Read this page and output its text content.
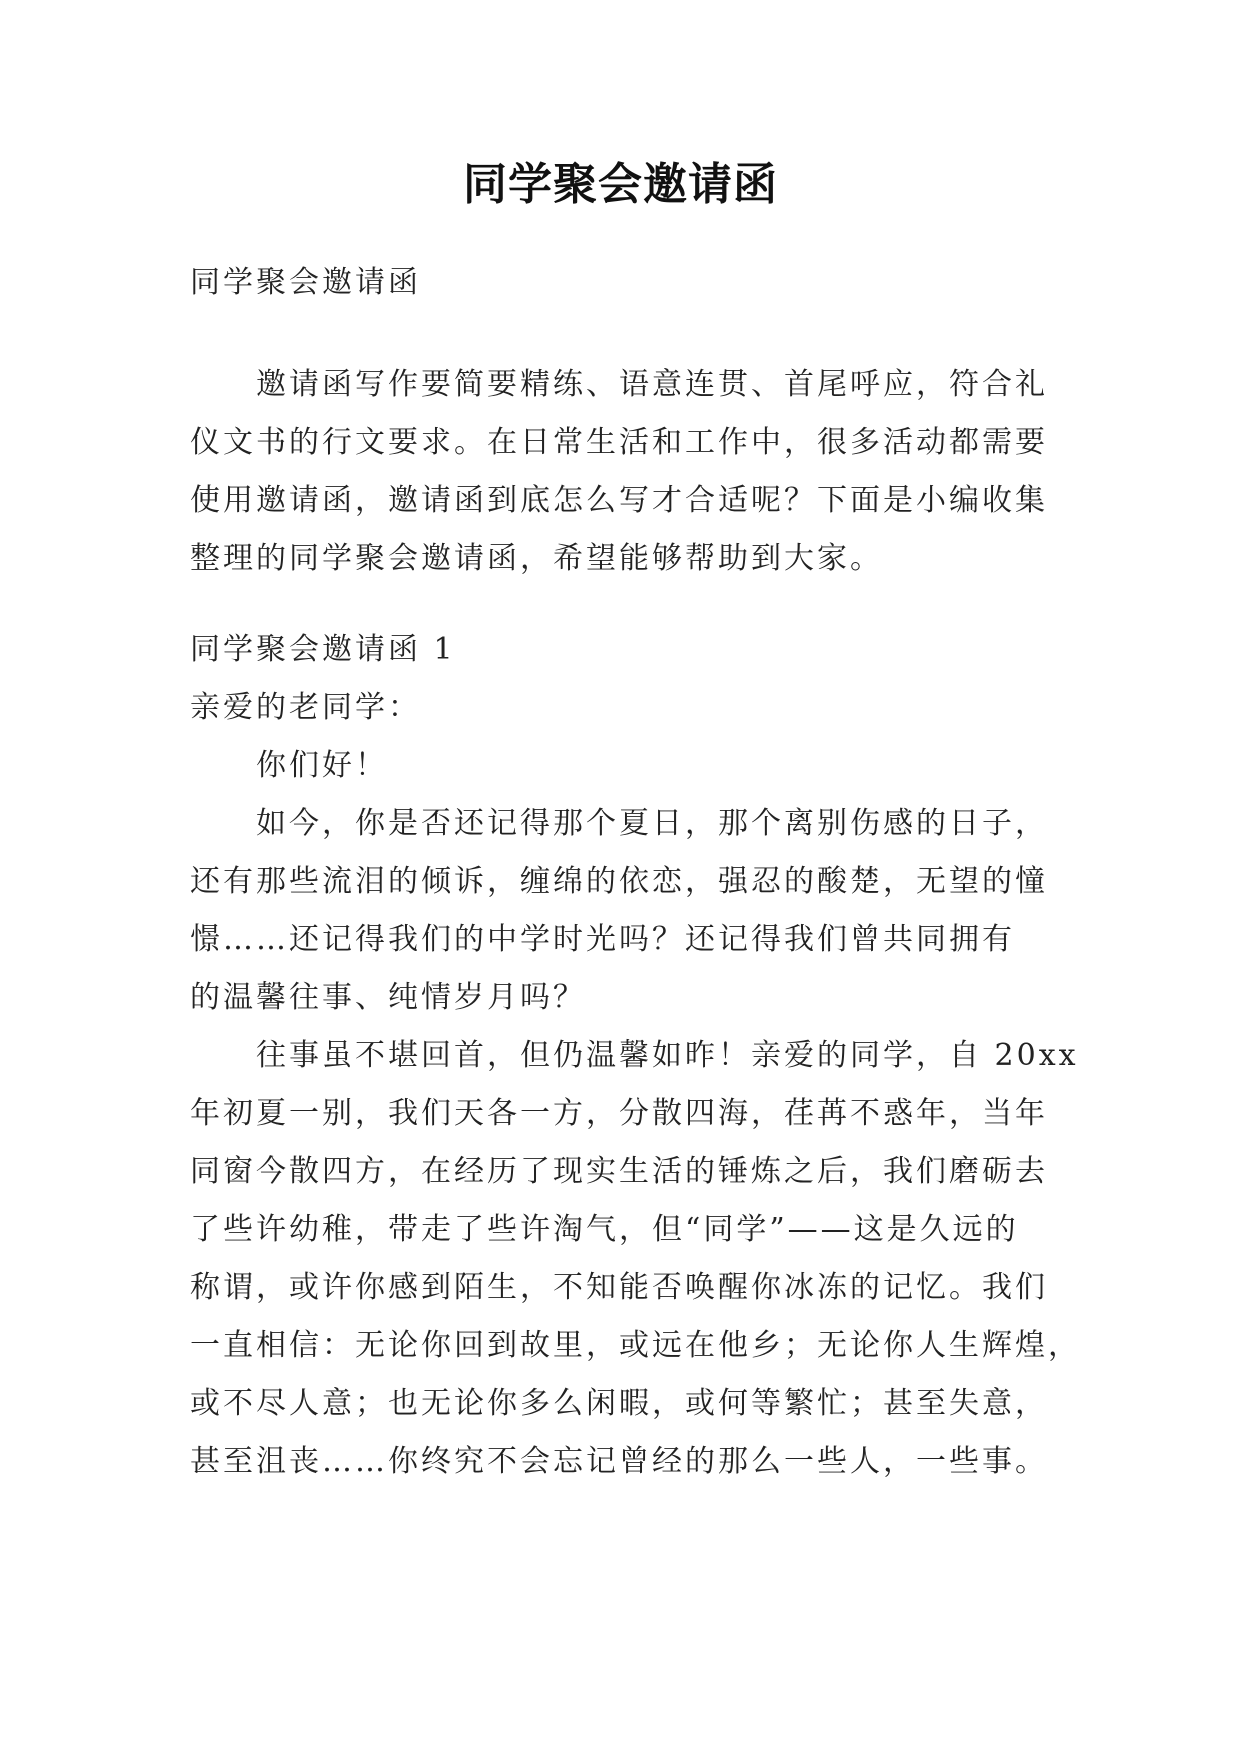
同学聚会邀请函
同学聚会邀请函
邀请函写作要简要精练、语意连贯、首尾呼应，符合礼
仪文书的行文要求。在日常生活和工作中，很多活动都需要
使用邀请函，邀请函到底怎么写才合适呢？下面是小编收集
整理的同学聚会邀请函，希望能够帮助到大家。
同学聚会邀请函 1
亲爱的老同学：
你们好！
如今，你是否还记得那个夏日，那个离别伤感的日子，
还有那些流泪的倾诉，缠绵的依恋，强忍的酸楚，无望的憧
憬……还记得我们的中学时光吗？还记得我们曾共同拥有
的温馨往事、纯情岁月吗？
往事虽不堪回首，但仍温馨如昨！亲爱的同学，自 20xx
年初夏一别，我们天各一方，分散四海，荏苒不惑年，当年
同窗今散四方，在经历了现实生活的锤炼之后，我们磨砺去
了些许幼稚，带走了些许淘气，但“同学”——这是久远的
称谓，或许你感到陌生，不知能否唤醒你冰冻的记忆。我们
一直相信：无论你回到故里，或远在他乡；无论你人生辉煌，
或不尽人意；也无论你多么闲暇，或何等繁忙；甚至失意，
甚至沮丧……你终究不会忘记曾经的那么一些人，一些事。
